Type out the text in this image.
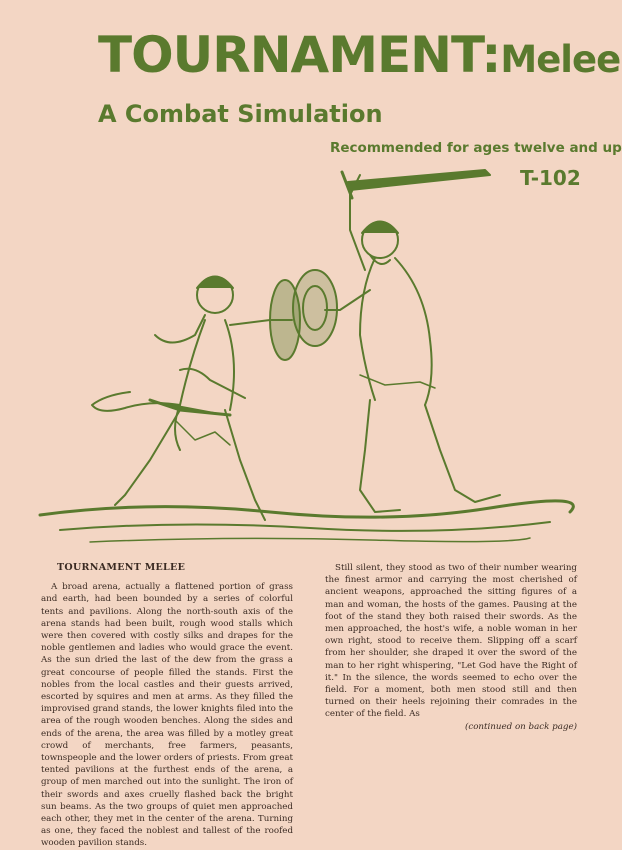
TOURNAMENT:Melee
A Combat Simulation
Recommended for ages twelve and up
T-102
TOURNAMENT MELEE

A broad arena, actually a flattened portion of grass and earth, had been bounded by a series of colorful tents and pavilions. Along the north-south axis of the arena stands had been built, rough wood stalls which were then covered with costly silks and drapes for the noble gentlemen and ladies who would grace the event. As the sun dried the last of the dew from the grass a great concourse of people filled the stands. First the nobles from the local castles and their guests arrived, escorted by squires and men at arms. As they filled the improvised grand stands, the lower knights filed into the area of the rough wooden benches. Along the sides and ends of the arena, the area was filled by a motley great crowd of merchants, free farmers, peasants, townspeople and the lower orders of priests. From great tented pavilions at the furthest ends of the arena, a group of men marched out into the sunlight. The iron of their swords and axes cruelly flashed back the bright sun beams. As the two groups of quiet men approached each other, they met in the center of the arena. Turning as one, they faced the noblest and tallest of the roofed wooden pavilion stands.

Still silent, they stood as two of their number wearing the finest armor and carrying the most cherished of ancient weapons, approached the sitting figures of a man and woman, the hosts of the games. Pausing at the foot of the stand they both raised their swords. As the men approached, the host's wife, a noble woman in her own right, stood to receive them. Slipping off a scarf from her shoulder, she draped it over the sword of the man to her right whispering, "Let God have the Right of it." In the silence, the words seemed to echo over the field. For a moment, both men stood still and then turned on their heels rejoining their comrades in the center of the field. As

(continued on back page)
